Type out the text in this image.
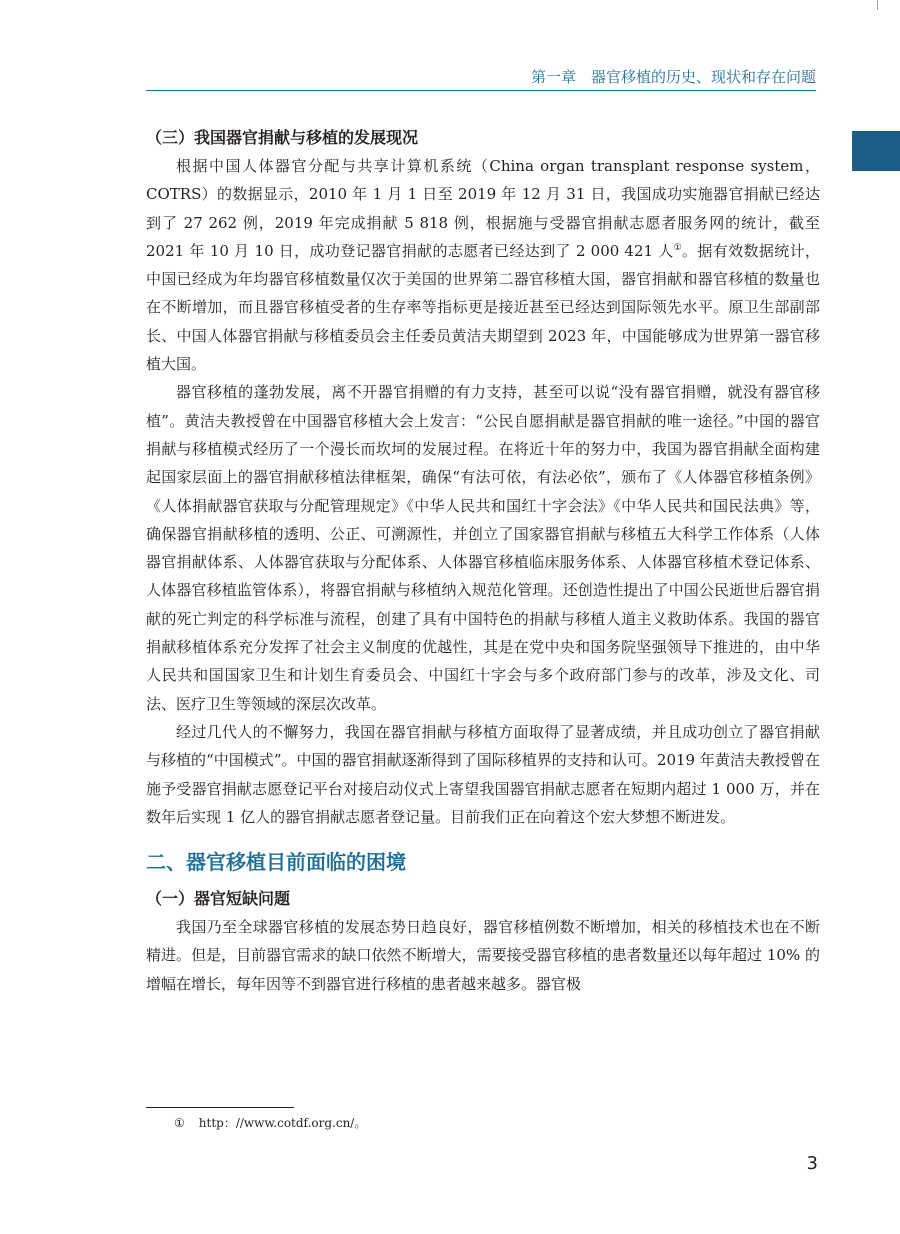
第一章　器官移植的历史、现状和存在问题
（三）我国器官捐献与移植的发展现况

根据中国人体器官分配与共享计算机系统（China organ transplant response system，COTRS）的数据显示，2010 年 1 月 1 日至 2019 年 12 月 31 日，我国成功实施器官捐献已经达到了 27 262 例，2019 年完成捐献 5 818 例，根据施与受器官捐献志愿者服务网的统计，截至 2021 年 10 月 10 日，成功登记器官捐献的志愿者已经达到了 2 000 421 人①。据有效数据统计，中国已经成为年均器官移植数量仅次于美国的世界第二器官移植大国，器官捐献和器官移植的数量也在不断增加，而且器官移植受者的生存率等指标更是接近甚至已经达到国际领先水平。原卫生部副部长、中国人体器官捐献与移植委员会主任委员黄洁夫期望到 2023 年，中国能够成为世界第一器官移植大国。

器官移植的蓬勃发展，离不开器官捐赠的有力支持，甚至可以说“没有器官捐赠，就没有器官移植”。黄洁夫教授曾在中国器官移植大会上发言：“公民自愿捐献是器官捐献的唯一途径。”中国的器官捐献与移植模式经历了一个漫长而坎坷的发展过程。在将近十年的努力中，我国为器官捐献全面构建起国家层面上的器官捐献移植法律框架，确保“有法可依，有法必依”，颁布了《人体器官移植条例》《人体捐献器官获取与分配管理规定》《中华人民共和国红十字会法》《中华人民共和国民法典》等，确保器官捐献移植的透明、公正、可溯源性，并创立了国家器官捐献与移植五大科学工作体系（人体器官捐献体系、人体器官获取与分配体系、人体器官移植临床服务体系、人体器官移植术登记体系、人体器官移植监管体系），将器官捐献与移植纳入规范化管理。还创造性提出了中国公民逝世后器官捐献的死亡判定的科学标准与流程，创建了具有中国特色的捐献与移植人道主义救助体系。我国的器官捐献移植体系充分发挥了社会主义制度的优越性，其是在党中央和国务院坚强领导下推进的，由中华人民共和国国家卫生和计划生育委员会、中国红十字会与多个政府部门参与的改革，涉及文化、司法、医疗卫生等领域的深层次改革。

经过几代人的不懈努力，我国在器官捐献与移植方面取得了显著成绩，并且成功创立了器官捐献与移植的“中国模式”。中国的器官捐献逐渐得到了国际移植界的支持和认可。2019 年黄洁夫教授曾在施予受器官捐献志愿登记平台对接启动仪式上寄望我国器官捐献志愿者在短期内超过 1 000 万，并在数年后实现 1 亿人的器官捐献志愿者登记量。目前我们正在向着这个宏大梦想不断进发。

二、器官移植目前面临的困境
（一）器官短缺问题

我国乃至全球器官移植的发展态势日趋良好，器官移植例数不断增加，相关的移植技术也在不断精进。但是，目前器官需求的缺口依然不断增大，需要接受器官移植的患者数量还以每年超过 10% 的增幅在增长，每年因等不到器官进行移植的患者越来越多。器官极

① http：//www.cotdf.org.cn/。
3
